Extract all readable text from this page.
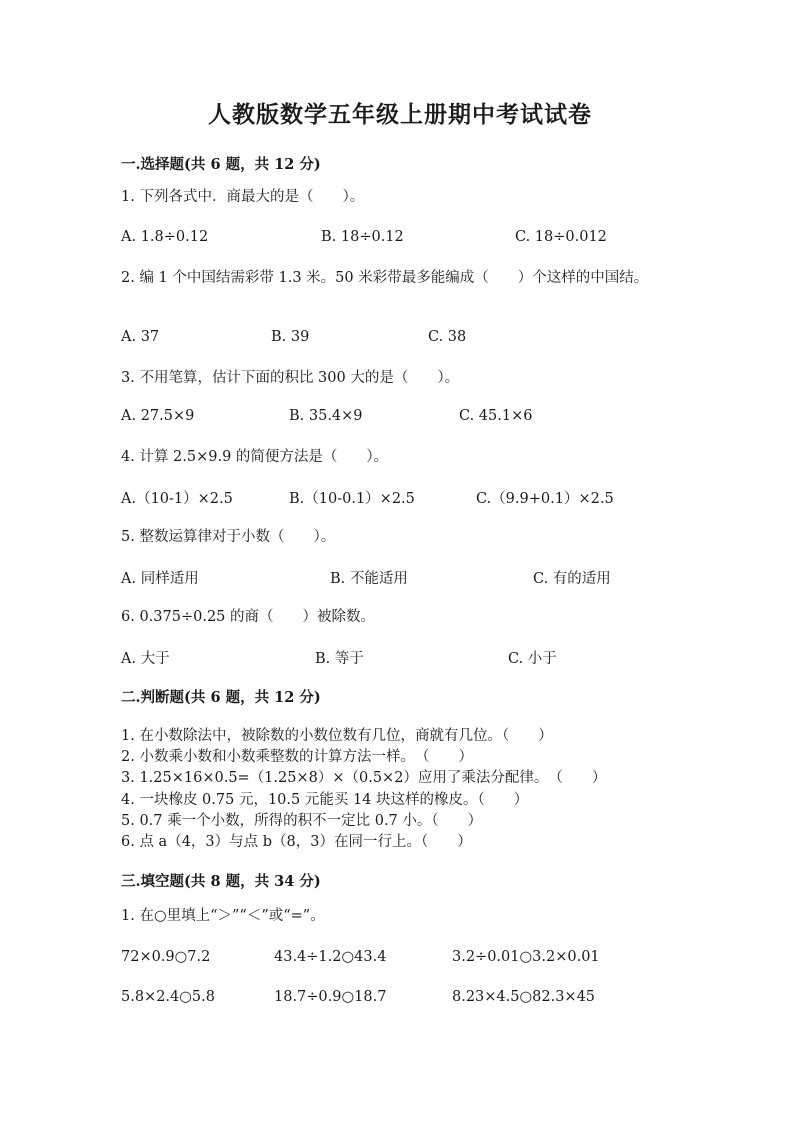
人教版数学五年级上册期中考试试卷
一.选择题(共 6 题，共 12 分)
1. 下列各式中．商最大的是（　　）。
A. 1.8÷0.12	B. 18÷0.12	C. 18÷0.012
2. 编 1 个中国结需彩带 1.3 米。50 米彩带最多能编成（　　）个这样的中国结。
A. 37	B. 39	C. 38
3. 不用笔算，估计下面的积比 300 大的是（　　）。
A. 27.5×9	B. 35.4×9	C. 45.1×6
4. 计算 2.5×9.9 的简便方法是（　　）。
A.（10-1）×2.5	B.（10-0.1）×2.5	C.（9.9+0.1）×2.5
5. 整数运算律对于小数（　　）。
A. 同样适用	B. 不能适用	C. 有的适用
6. 0.375÷0.25 的商（　　）被除数。
A. 大于	B. 等于	C. 小于
二.判断题(共 6 题，共 12 分)
1. 在小数除法中，被除数的小数位数有几位，商就有几位。（　　）
2. 小数乘小数和小数乘整数的计算方法一样。　（　　）
3. 1.25×16×0.5=（1.25×8）×（0.5×2）应用了乘法分配律。　（　　）
4. 一块橡皮 0.75 元，10.5 元能买 14 块这样的橡皮。（　　）
5. 0.7 乘一个小数，所得的积不一定比 0.7 小。（　　）
6. 点 a（4，3）与点 b（8，3）在同一行上。（　　）
三.填空题(共 8 题，共 34 分)
1. 在○里填上“＞”“＜”或“=”。
72×0.9○7.2	43.4÷1.2○43.4	3.2÷0.01○3.2×0.01
5.8×2.4○5.8	18.7÷0.9○18.7	8.23×4.5○82.3×45
